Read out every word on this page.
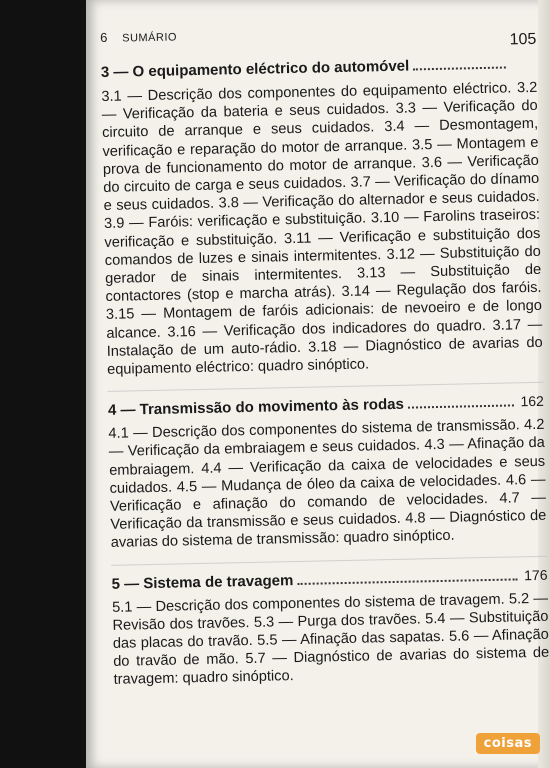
6	SUMÁRIO
3 — O equipamento eléctrico do automóvel
105
3.1 — Descrição dos componentes do equipamento eléctrico. 3.2 — Verificação da bateria e seus cuidados. 3.3 — Verificação do circuito de arranque e seus cuidados. 3.4 — Desmontagem, verificação e reparação do motor de arranque. 3.5 — Montagem e prova de funcionamento do motor de arranque. 3.6 — Verificação do circuito de carga e seus cuidados. 3.7 — Verificação do dínamo e seus cuidados. 3.8 — Verificação do alternador e seus cuidados. 3.9 — Faróis: verificação e substituição. 3.10 — Farolins traseiros: verificação e substituição. 3.11 — Verificação e substituição dos comandos de luzes e sinais intermitentes. 3.12 — Substituição do gerador de sinais intermitentes. 3.13 — Substituição de contactores (stop e marcha atrás). 3.14 — Regulação dos faróis. 3.15 — Montagem de faróis adicionais: de nevoeiro e de longo alcance. 3.16 — Verificação dos indicadores do quadro. 3.17 — Instalação de um auto-rádio. 3.18 — Diagnóstico de avarias do equipamento eléctrico: quadro sinóptico.
4 — Transmissão do movimento às rodas	162
4.1 — Descrição dos componentes do sistema de transmissão. 4.2 — Verificação da embraiagem e seus cuidados. 4.3 — Afinação da embraiagem. 4.4 — Verificação da caixa de velocidades e seus cuidados. 4.5 — Mudança de óleo da caixa de velocidades. 4.6 — Verificação e afinação do comando de velocidades. 4.7 — Verificação da transmissão e seus cuidados. 4.8 — Diagnóstico de avarias do sistema de transmissão: quadro sinóptico.
5 — Sistema de travagem	176
5.1 — Descrição dos componentes do sistema de travagem. 5.2 — Revisão dos travões. 5.3 — Purga dos travões. 5.4 — Substituição das placas do travão. 5.5 — Afinação das sapatas. 5.6 — Afinação do travão de mão. 5.7 — Diagnóstico de avarias do sistema de travagem: quadro sinóptico.
coisas
